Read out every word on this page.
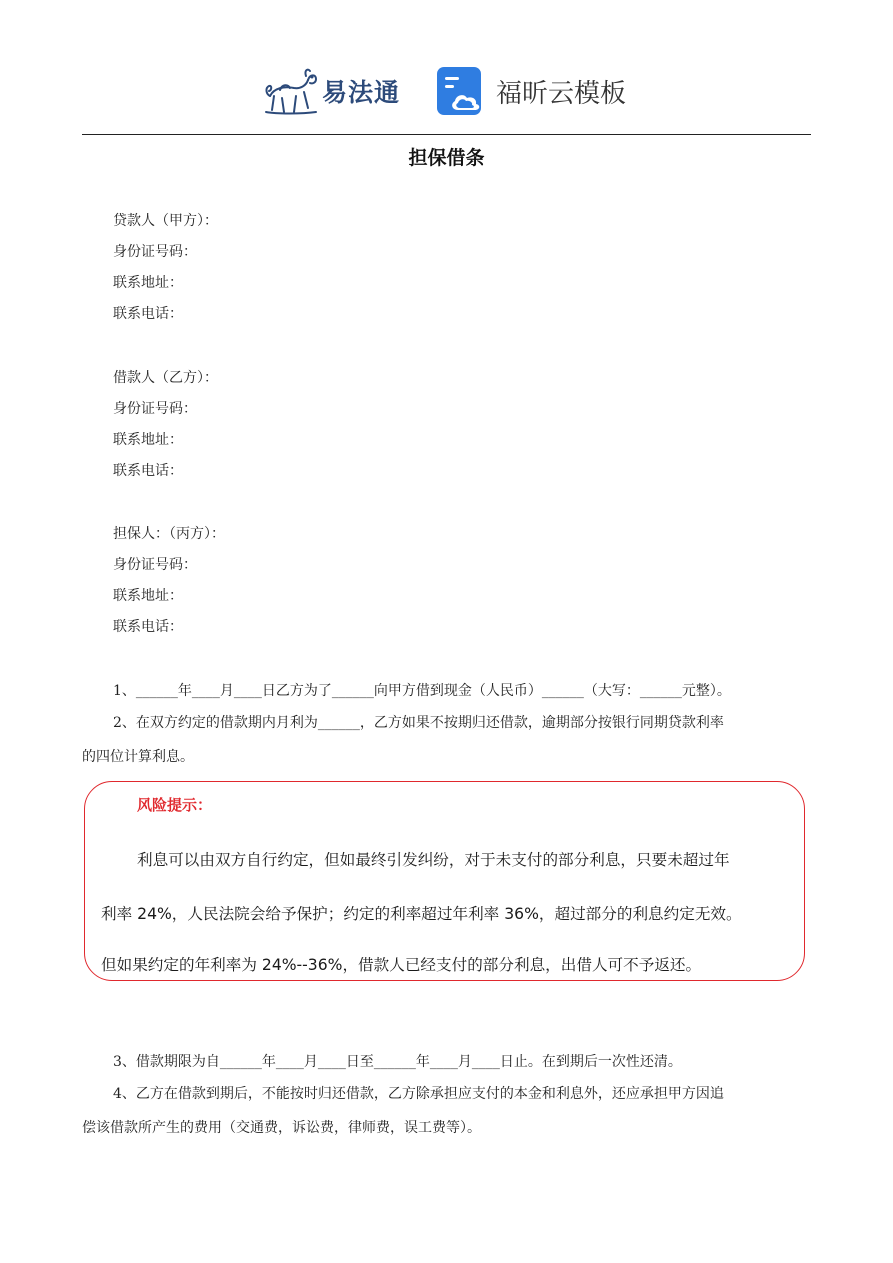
易法通	福昕云模板
担保借条
贷款人（甲方）：
身份证号码：
联系地址：
联系电话：
借款人（乙方）：
身份证号码：
联系地址：
联系电话：
担保人：（丙方）：
身份证号码：
联系地址：
联系电话：
1、______年____月____日乙方为了______向甲方借到现金（人民币）______（大写：______元整）。
2、在双方约定的借款期内月利为______，乙方如果不按期归还借款，逾期部分按银行同期贷款利率
的四位计算利息。
风险提示：
利息可以由双方自行约定，但如最终引发纠纷，对于未支付的部分利息，只要未超过年
利率 24%，人民法院会给予保护；约定的利率超过年利率 36%，超过部分的利息约定无效。
但如果约定的年利率为 24%--36%，借款人已经支付的部分利息，出借人可不予返还。
3、借款期限为自______年____月____日至______年____月____日止。在到期后一次性还清。
4、乙方在借款到期后，不能按时归还借款，乙方除承担应支付的本金和利息外，还应承担甲方因追
偿该借款所产生的费用（交通费，诉讼费，律师费，误工费等）。
